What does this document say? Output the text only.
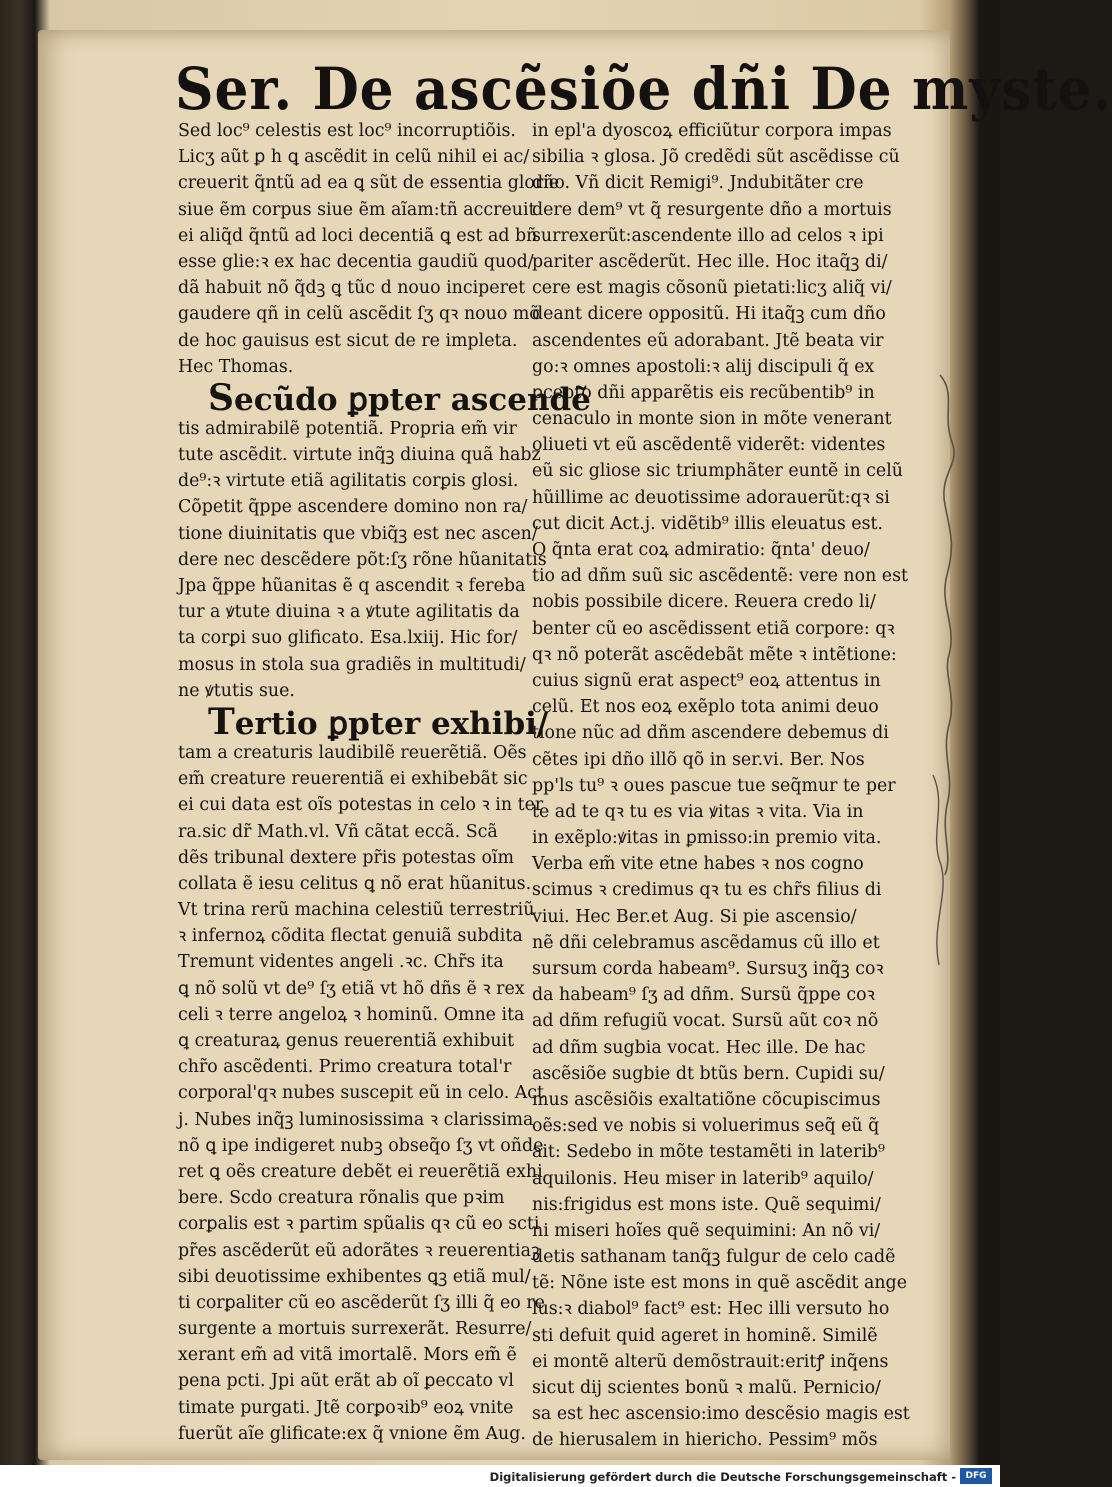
Ser. De ascẽsiõe dñi De myste.
Sed loc⁹ celestis est loc⁹ incorruptiõis.
Licʒ aũt ꝑ h ꝗ ascẽdit in celũ nihil ei ac/
creuerit q̃ntũ ad ea ꝗ sũt de essentia glorie
siue ẽm corpus siue ẽm aĩam:tñ accreuit
ei aliq̃d q̃ntũ ad loci decentiã ꝗ est ad bñ
esse glie:ꝛ ex hac decentia gaudiũ quod/
dã habuit nõ q̃dꝫ ꝗ tũc d nouo inciperet
gaudere qñ in celũ ascẽdit ſʒ qꝛ nouo mõ
de hoc gauisus est sicut de re impleta.
Hec Thomas.
Secũdo ꝑpter ascendẽ
tis admirabilẽ potentiã. Propria em̃ vir
tute ascẽdit. virtute inq̃ꝫ diuina quã habz
de⁹:ꝛ virtute etiã agilitatis corꝑis glosi.
Cõpetit q̃ppe ascendere domino non ra/
tione diuinitatis que vbiq̃ꝫ est nec ascen/
dere nec descẽdere põt:ſʒ rõne hũanitatis
Jpa q̃ppe hũanitas ẽ q ascendit ꝛ fereba
tur a ꝟtute diuina ꝛ a ꝟtute agilitatis da
ta corꝑi suo glificato. Esa.lxiij. Hic for/
mosus in stola sua gradiẽs in multitudi/
ne ꝟtutis sue.
Tertio ꝑpter exhibi/
tam a creaturis laudibilẽ reuerẽtiã. Oẽs
em̃ creature reuerentiã ei exhibebãt sic
ei cui data est oĩs potestas in celo ꝛ in ter
ra.sic dr̃ Math.vl. Vñ cãtat eccã. Scã
dẽs tribunal dextere pr̃is potestas oĩm
collata ẽ iesu celitus ꝗ nõ erat hũanitus.
Vt trina rerũ machina celestiũ terrestriũ
ꝛ infernoꝝ cõdita flectat genuiã subdita
Tremunt videntes angeli .ꝛc. Chr̃s ita
ꝗ nõ solũ vt de⁹ ſʒ etiã vt hõ dñs ẽ ꝛ rex
celi ꝛ terre angeloꝝ ꝛ hominũ. Omne ita
ꝗ creaturaꝝ genus reuerentiã exhibuit
chr̃o ascẽdenti. Primo creatura total'r
corporal'qꝛ nubes suscepit eũ in celo. Act
j. Nubes inq̃ꝫ luminosissima ꝛ clarissima
nõ ꝗ ipe indigeret nubꝫ obseq̃o ſʒ vt oñde
ret ꝗ oẽs creature debẽt ei reuerẽtiã exhi
bere. Scdo creatura rõnalis que pꝛim
corꝑalis est ꝛ partim spũalis qꝛ cũ eo scti
pr̃es ascẽderũt eũ adorãtes ꝛ reuerentiaꝫ
sibi deuotissime exhibentes ꝗꝫ etiã mul/
ti corꝑaliter cũ eo ascẽderũt ſʒ illi q̃ eo re
surgente a mortuis surrexerãt. Resurre/
xerant em̃ ad vitã imortalẽ. Mors em̃ ẽ
pena pcti. Jpi aũt erãt ab oĩ ꝑeccato vl
timate purgati. Jtẽ corꝑoꝛib⁹ eoꝝ vnite
fuerũt aĩe glificate:ex q̃ vnione ẽm Aug.
in epl'a dyoscoꝝ efficiũtur corpora impas
sibilia ꝛ glosa. Jõ credẽdi sũt ascẽdisse cũ
dño. Vñ dicit Remigi⁹. Jndubitãter cre
dere dem⁹ vt q̃ resurgente dño a mortuis
surrexerũt:ascendente illo ad celos ꝛ ipi
pariter ascẽderũt. Hec ille. Hoc itaq̃ꝫ di/
cere est magis cõsonũ pietati:licʒ aliq̃ vi/
deant dicere oppositũ. Hi itaq̃ꝫ cum dño
ascendentes eũ adorabant. Jtẽ beata vir
go:ꝛ omnes apostoli:ꝛ alij discipuli q̃ ex
ꝑcepto dñi apparẽtis eis recũbentib⁹ in
cenaculo in monte sion in mõte venerant
oliueti vt eũ ascẽdentẽ viderẽt: videntes
eũ sic gliose sic triumphãter euntẽ in celũ
hũillime ac deuotissime adorauerũt:qꝛ si
cut dicit Act.j. vidẽtib⁹ illis eleuatus est.
O q̃nta erat coꝝ admiratio: q̃nta' deuo/
tio ad dñm suũ sic ascẽdentẽ: vere non est
nobis possibile dicere. Reuera credo li/
benter cũ eo ascẽdissent etiã corpore: qꝛ
qꝛ nõ poterãt ascẽdebãt mẽte ꝛ intẽtione:
cuius signũ erat aspect⁹ eoꝝ attentus in
celũ. Et nos eoꝝ exẽplo tota animi deuo
tione nũc ad dñm ascendere debemus di
cẽtes ipi dño illõ qõ in ser.vi. Ber. Nos
pp'ls tu⁹ ꝛ oues pascue tue seq̃mur te per
te ad te qꝛ tu es via ꝟitas ꝛ vita. Via in
in exẽplo:ꝟitas in ꝑmisso:in premio vita.
Verba em̃ vite etne habes ꝛ nos cogno
scimus ꝛ credimus qꝛ tu es chr̃s filius di
viui. Hec Ber.et Aug. Si pie ascensio/
nẽ dñi celebramus ascẽdamus cũ illo et
sursum corda habeam⁹. Sursuʒ inq̃ꝫ coꝛ
da habeam⁹ ſʒ ad dñm. Sursũ q̃ppe coꝛ
ad dñm refugiũ vocat. Sursũ aũt coꝛ nõ
ad dñm sugbia vocat. Hec ille. De hac
ascẽsiõe sugbie dt btũs bern. Cupidi su/
mus ascẽsiõis exaltatiõne cõcupiscimus
oẽs:sed ve nobis si voluerimus seq̃ eũ q̃
ait: Sedebo in mõte testamẽti in laterib⁹
aquilonis. Heu miser in laterib⁹ aquilo/
nis:frigidus est mons iste. Quẽ sequimi/
ni miseri hoĩes quẽ sequimini: An nõ vi/
detis sathanam tanq̃ꝫ fulgur de celo cadẽ
tẽ: Nõne iste est mons in quẽ ascẽdit ange
lus:ꝛ diabol⁹ fact⁹ est: Hec illi versuto ho
sti defuit quid ageret in hominẽ. Similẽ
ei montẽ alterũ demõstrauit:eritꝭ inq̃ens
sicut dij scientes bonũ ꝛ malũ. Pernicio/
sa est hec ascensio:imo descẽsio magis est
de hierusalem in hiericho. Pessim⁹ mõs
Digitalisierung gefördert durch die Deutsche Forschungsgemeinschaft -	DFG
